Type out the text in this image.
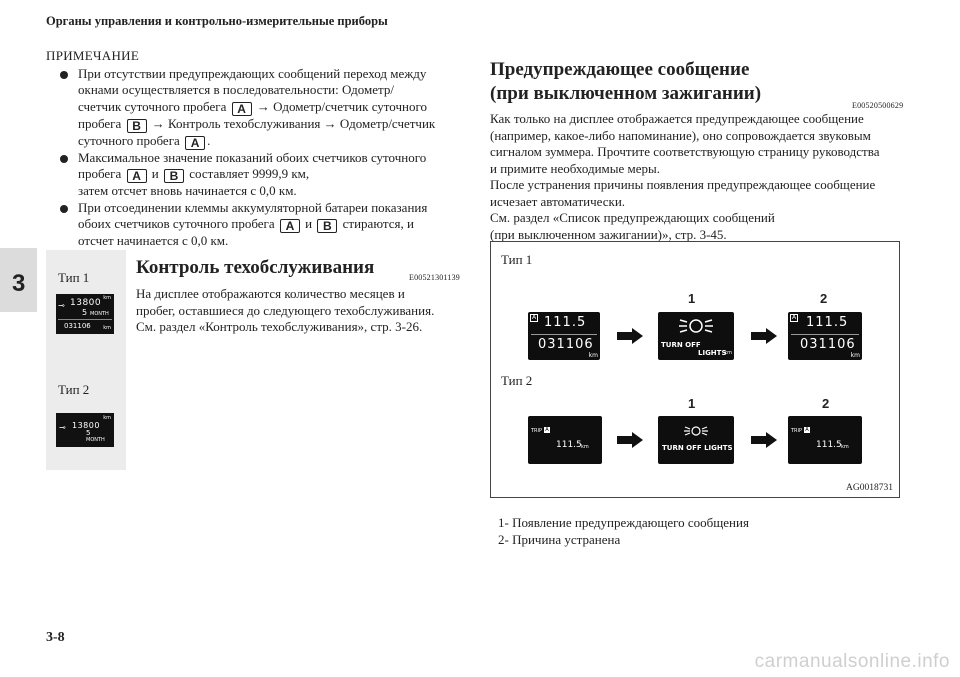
Органы управления и контрольно-измерительные приборы
3
3-8
carmanualsonline.info
ПРИМЕЧАНИЕ
При отсутствии предупреждающих сообщений переход между
окнами осуществляется в последовательности: Одометр/
счетчик суточного пробега A → Одометр/счетчик суточного
пробега B → Контроль техобслуживания → Одометр/счетчик
суточного пробега A .
Максимальное значение показаний обоих счетчиков суточного
пробега A и B составляет 9999,9 км,
затем отсчет вновь начинается с 0,0 км.
При отсоединении клеммы аккумуляторной батареи показания
обоих счетчиков суточного пробега A и B стираются, и
отсчет начинается с 0,0 км.
Тип 1
km
⊸ 13800
5 MONTH
031106 km
Тип 2
km
⊸ 13800
5
MONTH
Контроль техобслуживания	E00521301139
На дисплее отображаются количество месяцев и
пробег, оставшиеся до следующего техобслуживания.
См. раздел «Контроль техобслуживания», стр. 3-26.
Предупреждающее сообщение
(при выключенном зажигании)
E00520500629
Как только на дисплее отображается предупреждающее сообщение
(например, какое-либо напоминание), оно сопровождается звуковым
сигналом зуммера. Прочтите соответствующую страницу руководства
и примите необходимые меры.
После устранения причины появления предупреждающее сообщение
исчезает автоматически.
См. раздел «Список предупреждающих сообщений
(при выключенном зажигании)», стр. 3-45.
Тип 1
1	2
A 111.5
031106
km
TURN OFF
LIGHTS
km
A 111.5
031106
km
Тип 2
1	2
TRIP A
111.5 km	TURN OFF LIGHTS
TRIP A
111.5 km
AG0018731
1- Появление предупреждающего сообщения
2- Причина устранена
